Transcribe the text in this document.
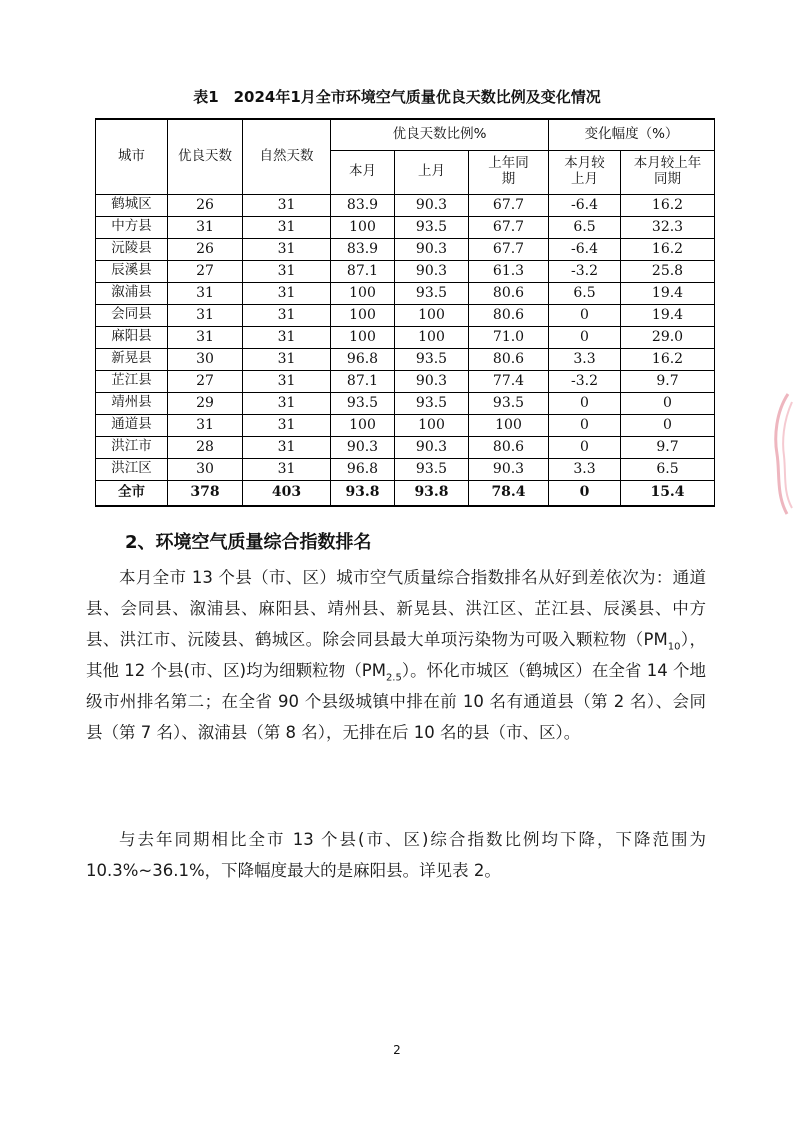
表1　2024年1月全市环境空气质量优良天数比例及变化情况
城市	优良天数	自然天数	优良天数比例%			变化幅度（%）	
			本月	上月	上年同期	本月较上月	本月较上年同期
鹤城区	26	31	83.9	90.3	67.7	-6.4	16.2
中方县	31	31	100	93.5	67.7	6.5	32.3
沅陵县	26	31	83.9	90.3	67.7	-6.4	16.2
辰溪县	27	31	87.1	90.3	61.3	-3.2	25.8
溆浦县	31	31	100	93.5	80.6	6.5	19.4
会同县	31	31	100	100	80.6	0	19.4
麻阳县	31	31	100	100	71.0	0	29.0
新晃县	30	31	96.8	93.5	80.6	3.3	16.2
芷江县	27	31	87.1	90.3	77.4	-3.2	9.7
靖州县	29	31	93.5	93.5	93.5	0	0
通道县	31	31	100	100	100	0	0
洪江市	28	31	90.3	90.3	80.6	0	9.7
洪江区	30	31	96.8	93.5	90.3	3.3	6.5
全市	378	403	93.8	93.8	78.4	0	15.4
2、环境空气质量综合指数排名

本月全市 13 个县（市、区）城市空气质量综合指数排名从好到差依次为：通道县、会同县、溆浦县、麻阳县、靖州县、新晃县、洪江区、芷江县、辰溪县、中方县、洪江市、沅陵县、鹤城区。除会同县最大单项污染物为可吸入颗粒物$(PM_{10})$，其他 12 个县(市、区)均为细颗粒物$(PM_{2.5})$。怀化市城区（鹤城区）在全省 14 个地级市州排名第二；在全省 90 个县级城镇中排在前 10 名有通道县（第 2 名）、会同县（第 7 名）、溆浦县（第 8 名），无排在后 10 名的县（市、区）。

与去年同期相比全市 13 个县(市、区)综合指数比例均下降，下降范围为 10.3%~36.1%，下降幅度最大的是麻阳县。详见表 2。

2
